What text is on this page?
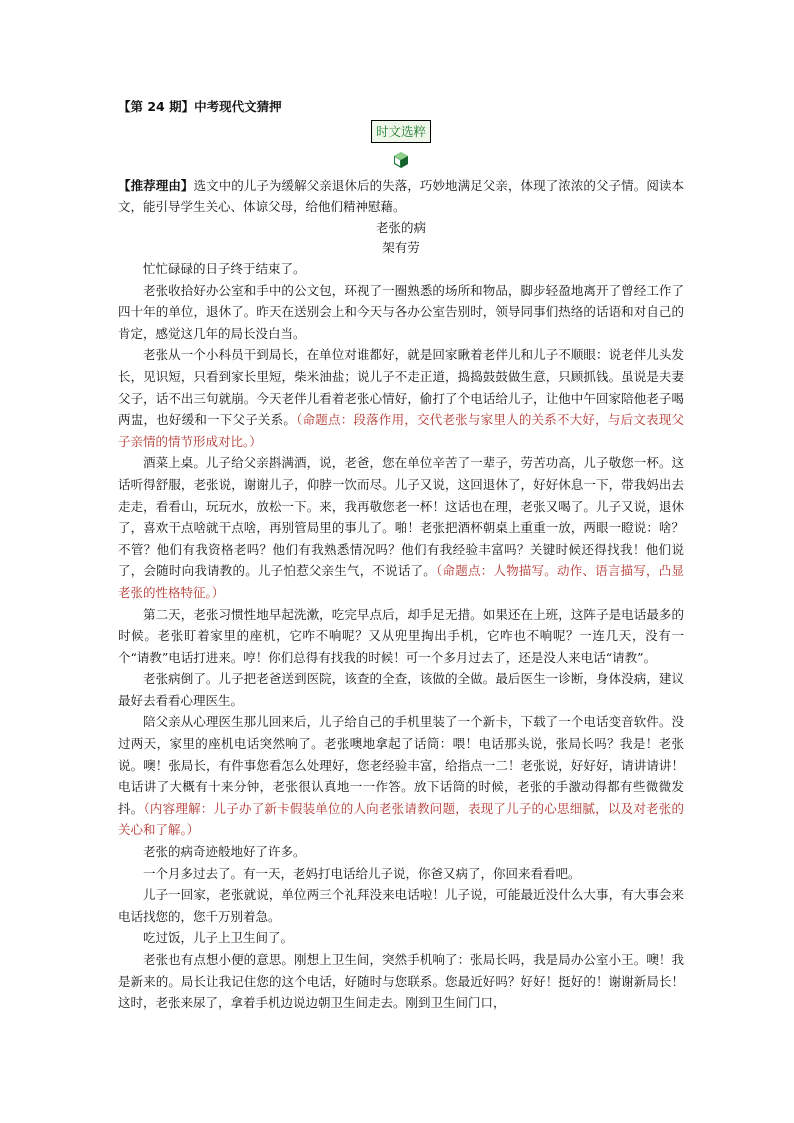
【第 24 期】中考现代文猜押
时文选粹
【推荐理由】选文中的儿子为缓解父亲退休后的失落，巧妙地满足父亲，体现了浓浓的父子情。阅读本文，能引导学生关心、体谅父母，给他们精神慰藉。
老张的病
架有劳

忙忙碌碌的日子终于结束了。

老张收拾好办公室和手中的公文包，环视了一圈熟悉的场所和物品，脚步轻盈地离开了曾经工作了四十年的单位，退休了。昨天在送别会上和今天与各办公室告别时，领导同事们热络的话语和对自己的肯定，感觉这几年的局长没白当。

老张从一个小科员干到局长，在单位对谁都好，就是回家瞅着老伴儿和儿子不顺眼：说老伴儿头发长，见识短，只看到家长里短，柴米油盐；说儿子不走正道，捣捣鼓鼓做生意，只顾抓钱。虽说是夫妻父子，话不出三句就崩。今天老伴儿看着老张心情好，偷打了个电话给儿子，让他中午回家陪他老子喝两盅，也好缓和一下父子关系。（命题点：段落作用，交代老张与家里人的关系不大好，与后文表现父子亲情的情节形成对比。）

酒菜上桌。儿子给父亲斟满酒，说，老爸，您在单位辛苦了一辈子，劳苦功高，儿子敬您一杯。这话听得舒服，老张说，谢谢儿子，仰脖一饮而尽。儿子又说，这回退休了，好好休息一下，带我妈出去走走，看看山，玩玩水，放松一下。来，我再敬您老一杯！这话也在理，老张又喝了。儿子又说，退休了，喜欢干点啥就干点啥，再别管局里的事儿了。啪！老张把酒杯朝桌上重重一放，两眼一瞪说：啥？不管？他们有我资格老吗？他们有我熟悉情况吗？他们有我经验丰富吗？关键时候还得找我！他们说了，会随时向我请教的。儿子怕惹父亲生气，不说话了。（命题点：人物描写。动作、语言描写，凸显老张的性格特征。）

第二天，老张习惯性地早起洗漱，吃完早点后，却手足无措。如果还在上班，这阵子是电话最多的时候。老张盯着家里的座机，它咋不响呢？又从兜里掏出手机，它咋也不响呢？一连几天，没有一个“请教”电话打进来。哼！你们总得有找我的时候！可一个多月过去了，还是没人来电话“请教”。

老张病倒了。儿子把老爸送到医院，该查的全查，该做的全做。最后医生一诊断，身体没病，建议最好去看看心理医生。

陪父亲从心理医生那儿回来后，儿子给自己的手机里装了一个新卡，下载了一个电话变音软件。没过两天，家里的座机电话突然响了。老张噢地拿起了话筒：喂！电话那头说，张局长吗？我是！老张说。噢！张局长，有件事您看怎么处理好，您老经验丰富，给指点一二！老张说，好好好，请讲请讲！电话讲了大概有十来分钟，老张很认真地一一作答。放下话筒的时候，老张的手激动得都有些微微发抖。（内容理解：儿子办了新卡假装单位的人向老张请教问题，表现了儿子的心思细腻，以及对老张的关心和了解。）

老张的病奇迹般地好了许多。

一个月多过去了。有一天，老妈打电话给儿子说，你爸又病了，你回来看看吧。

儿子一回家，老张就说，单位两三个礼拜没来电话啦！儿子说，可能最近没什么大事，有大事会来电话找您的，您千万别着急。

吃过饭，儿子上卫生间了。

老张也有点想小便的意思。刚想上卫生间，突然手机响了：张局长吗，我是局办公室小王。噢！我是新来的。局长让我记住您的这个电话，好随时与您联系。您最近好吗？好好！挺好的！谢谢新局长！这时，老张来尿了，拿着手机边说边朝卫生间走去。刚到卫生间门口，
